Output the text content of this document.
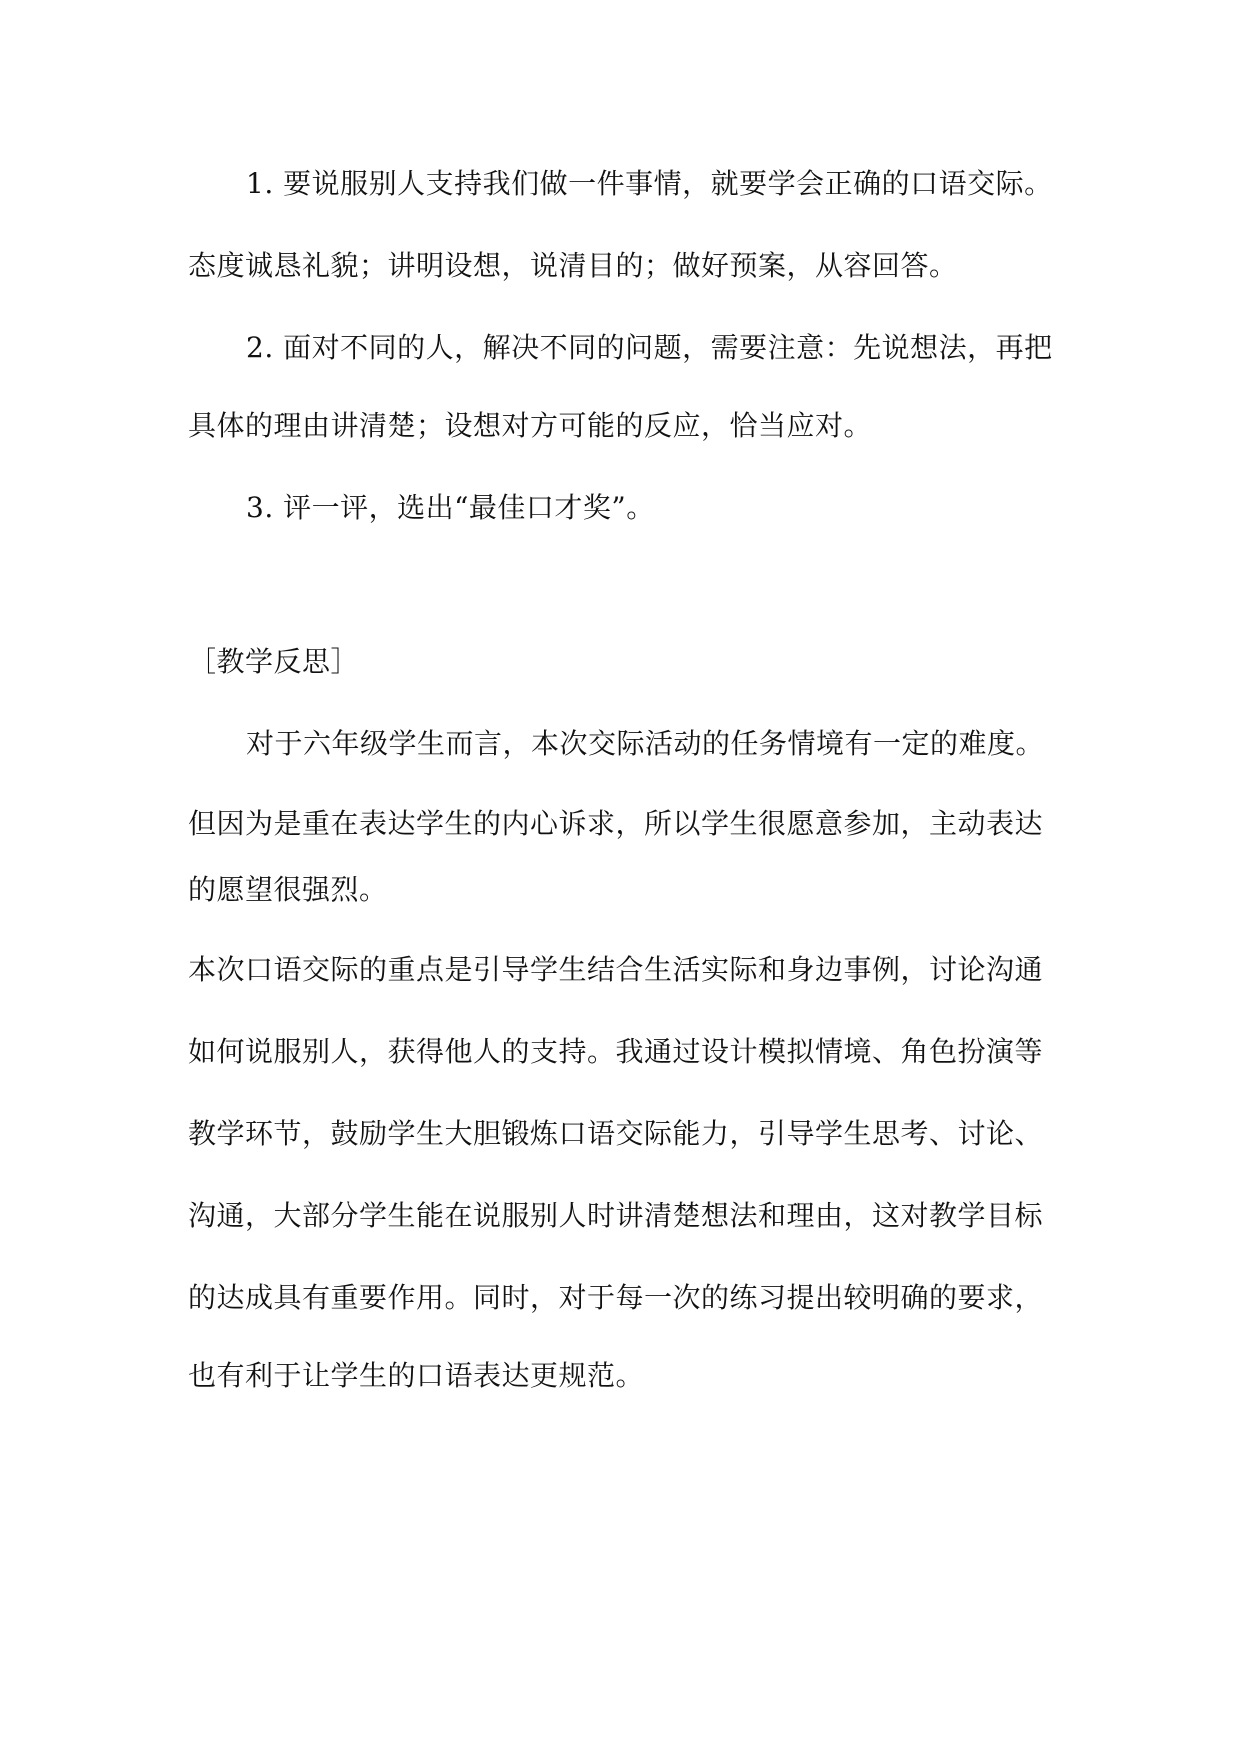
1. 要说服别人支持我们做一件事情，就要学会正确的口语交际。
态度诚恳礼貌；讲明设想，说清目的；做好预案，从容回答。
2. 面对不同的人，解决不同的问题，需要注意：先说想法，再把
具体的理由讲清楚；设想对方可能的反应，恰当应对。
3. 评一评，选出“最佳口才奖”。
［教学反思］
对于六年级学生而言，本次交际活动的任务情境有一定的难度。
但因为是重在表达学生的内心诉求，所以学生很愿意参加，主动表达
的愿望很强烈。
本次口语交际的重点是引导学生结合生活实际和身边事例，讨论沟通
如何说服别人，获得他人的支持。我通过设计模拟情境、角色扮演等
教学环节，鼓励学生大胆锻炼口语交际能力，引导学生思考、讨论、
沟通，大部分学生能在说服别人时讲清楚想法和理由，这对教学目标
的达成具有重要作用。同时，对于每一次的练习提出较明确的要求，
也有利于让学生的口语表达更规范。
